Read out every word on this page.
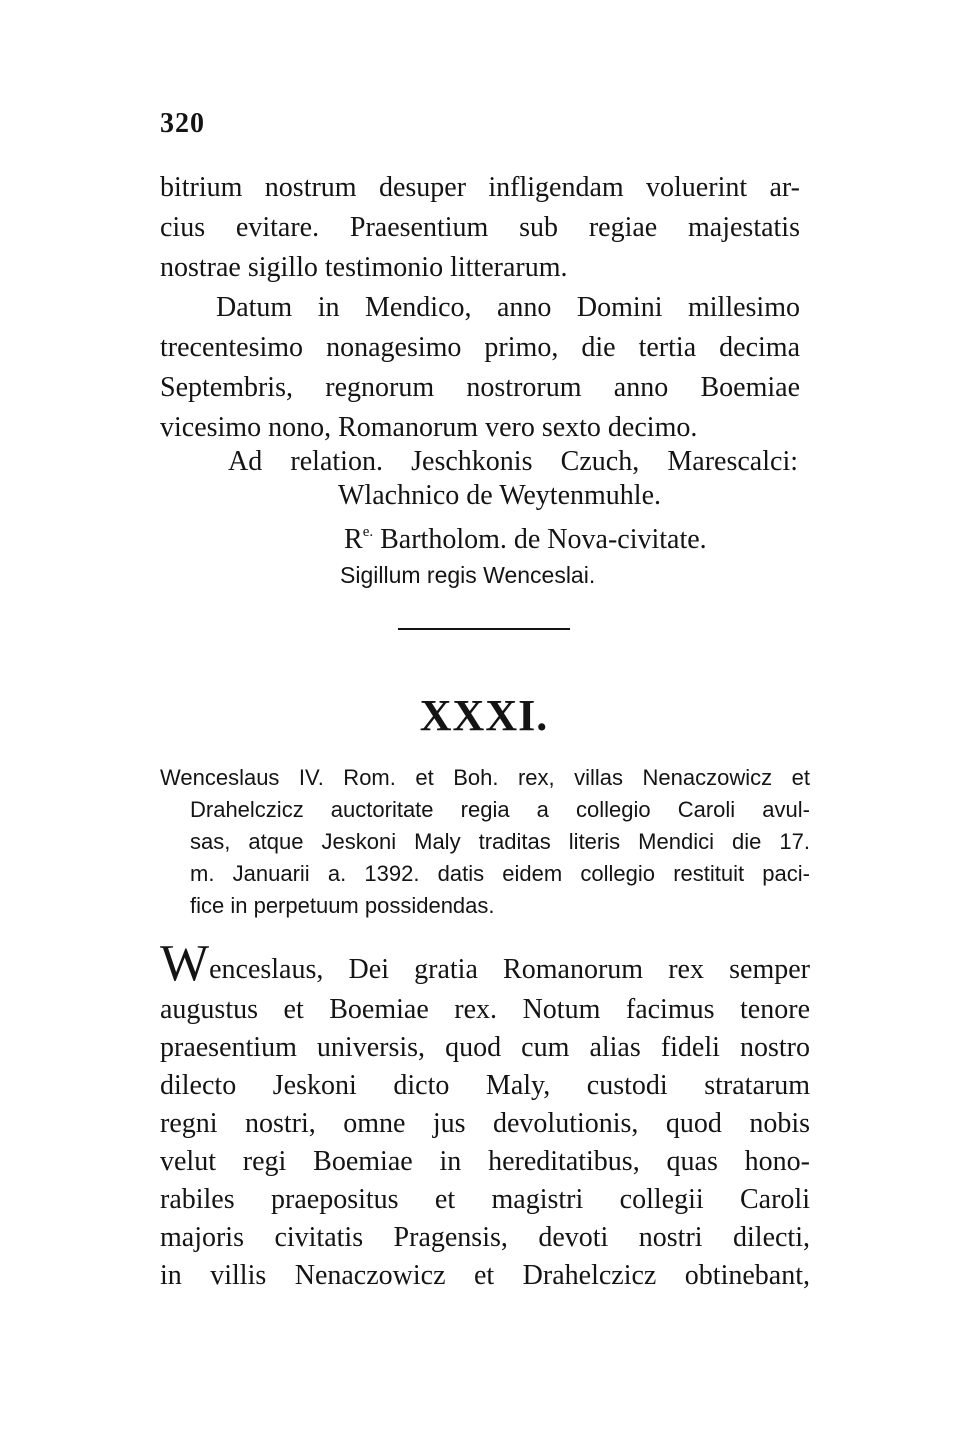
320
bitrium nostrum desuper infligendam voluerint ar-
cius evitare. Praesentium sub regiae majestatis
nostrae sigillo testimonio litterarum.
Datum in Mendico, anno Domini millesimo
trecentesimo nonagesimo primo, die tertia decima
Septembris, regnorum nostrorum anno Boemiae
vicesimo nono, Romanorum vero sexto decimo.
Ad relation. Jeschkonis Czuch, Marescalci:
Wlachnico de Weytenmuhle.
$R^{e.}$ Bartholom. de Nova-civitate.
Sigillum regis Wenceslai.
XXXI.
Wenceslaus IV. Rom. et Boh. rex, villas Nenaczowicz et
Drahelczicz auctoritate regia a collegio Caroli avul-
sas, atque Jeskoni Maly traditas literis Mendici die 17.
m. Januarii a. 1392. datis eidem collegio restituit paci-
fice in perpetuum possidendas.
Wenceslaus, Dei gratia Romanorum rex semper
augustus et Boemiae rex. Notum facimus tenore
praesentium universis, quod cum alias fideli nostro
dilecto Jeskoni dicto Maly, custodi stratarum
regni nostri, omne jus devolutionis, quod nobis
velut regi Boemiae in hereditatibus, quas hono-
rabiles praepositus et magistri collegii Caroli
majoris civitatis Pragensis, devoti nostri dilecti,
in villis Nenaczowicz et Drahelczicz obtinebant,
